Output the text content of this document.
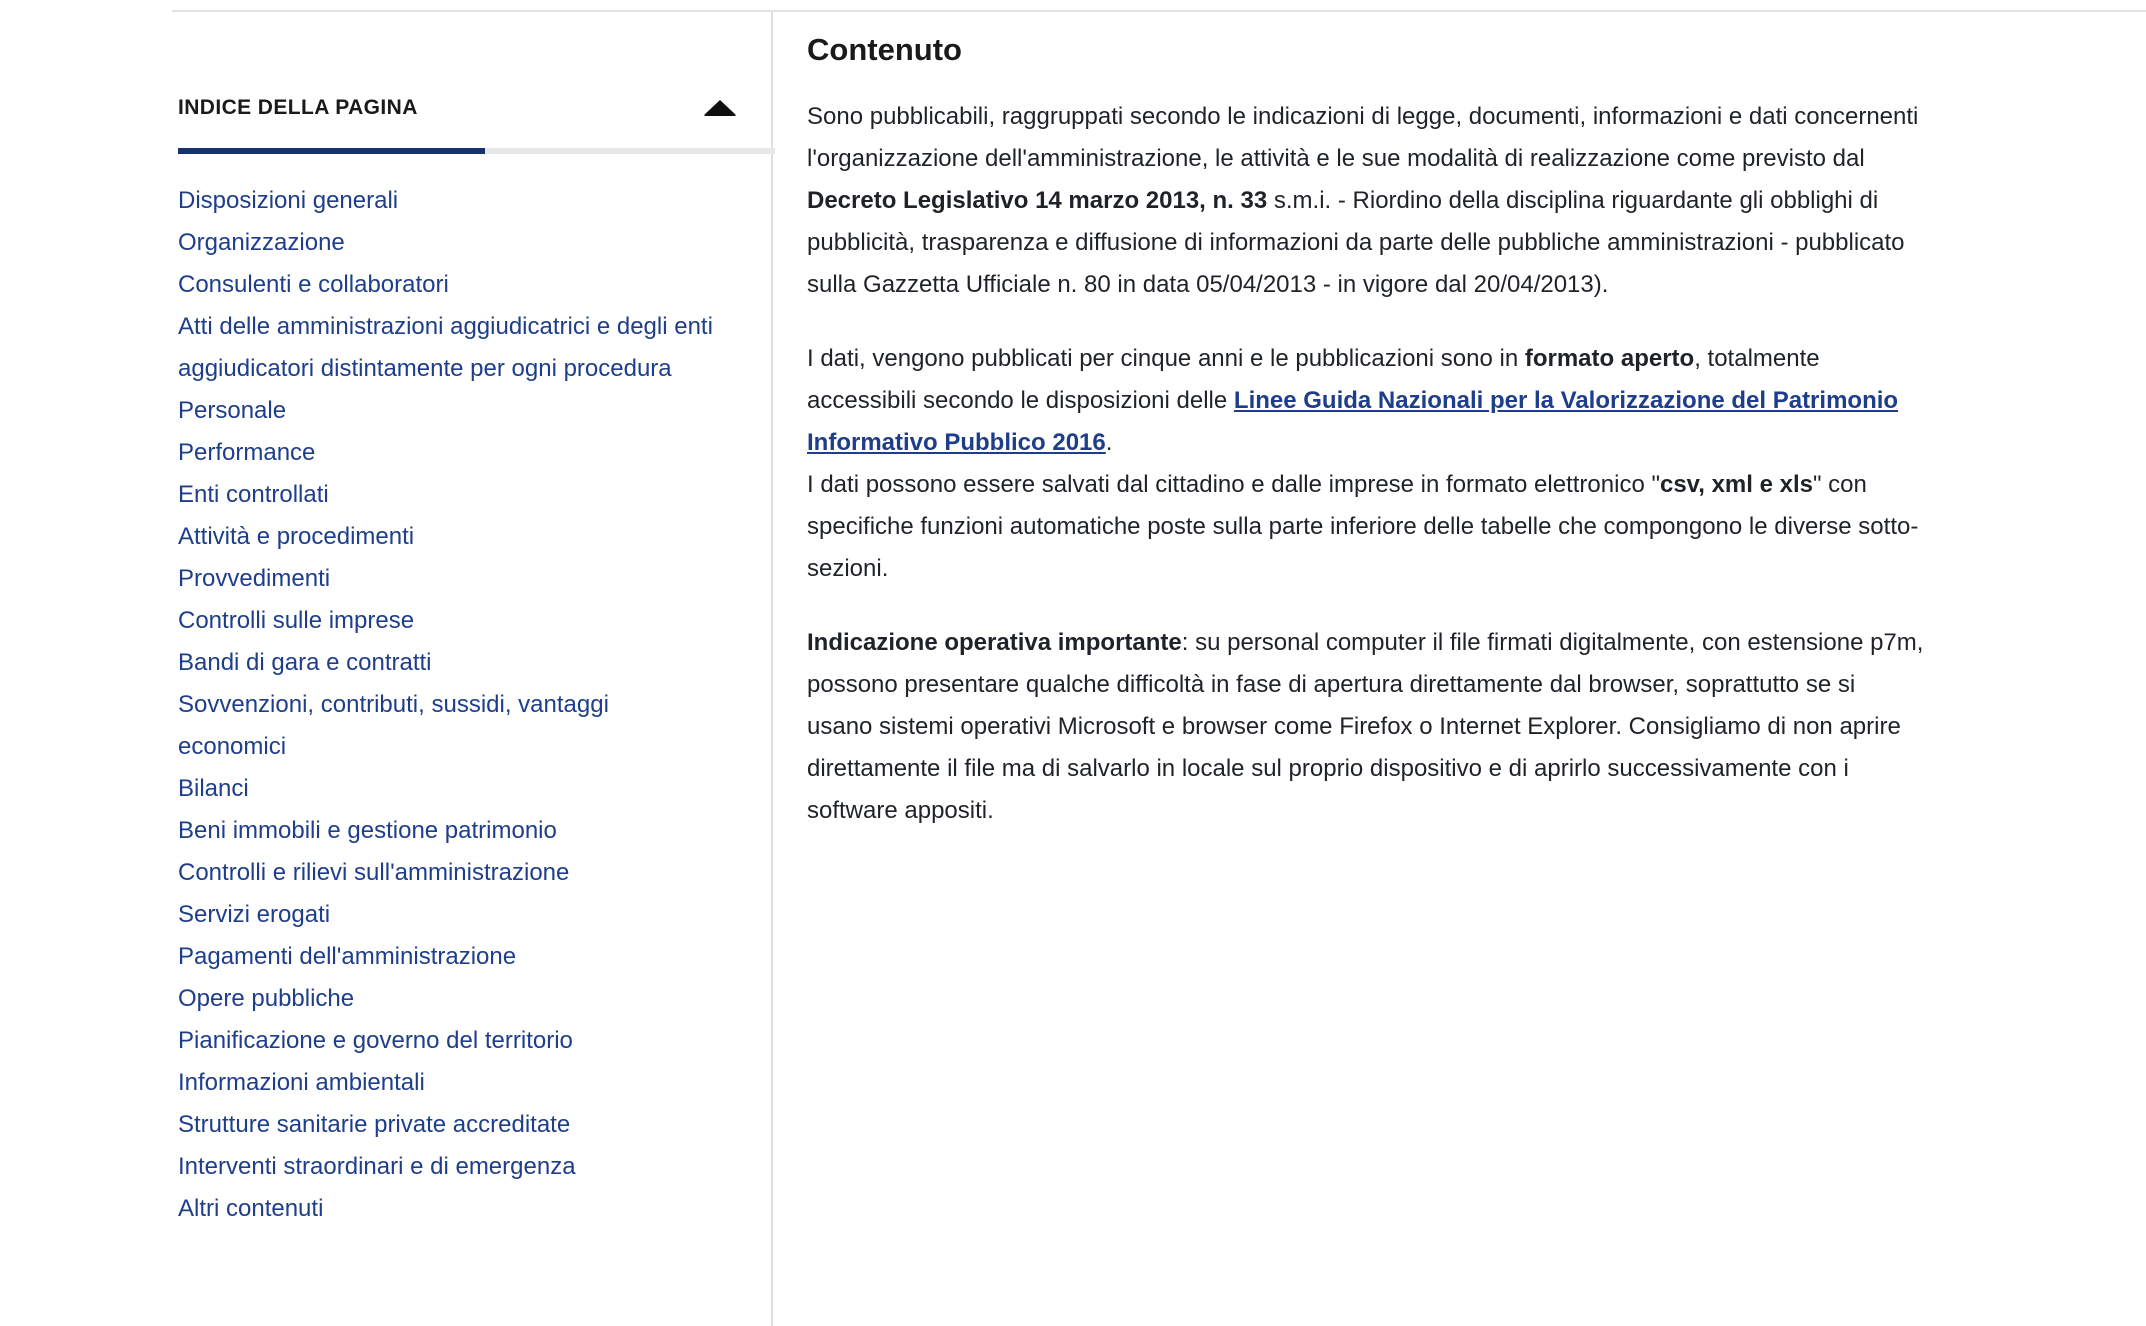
INDICE DELLA PAGINA
Disposizioni generali
Organizzazione
Consulenti e collaboratori
Atti delle amministrazioni aggiudicatrici e degli enti aggiudicatori distintamente per ogni procedura
Personale
Performance
Enti controllati
Attività e procedimenti
Provvedimenti
Controlli sulle imprese
Bandi di gara e contratti
Sovvenzioni, contributi, sussidi, vantaggi economici
Bilanci
Beni immobili e gestione patrimonio
Controlli e rilievi sull'amministrazione
Servizi erogati
Pagamenti dell'amministrazione
Opere pubbliche
Pianificazione e governo del territorio
Informazioni ambientali
Strutture sanitarie private accreditate
Interventi straordinari e di emergenza
Altri contenuti
Contenuto

Sono pubblicabili, raggruppati secondo le indicazioni di legge, documenti, informazioni e dati concernenti l'organizzazione dell'amministrazione, le attività e le sue modalità di realizzazione come previsto dal Decreto Legislativo 14 marzo 2013, n. 33 s.m.i. - Riordino della disciplina riguardante gli obblighi di pubblicità, trasparenza e diffusione di informazioni da parte delle pubbliche amministrazioni - pubblicato sulla Gazzetta Ufficiale n. 80 in data 05/04/2013 - in vigore dal 20/04/2013).

I dati, vengono pubblicati per cinque anni e le pubblicazioni sono in formato aperto, totalmente accessibili secondo le disposizioni delle Linee Guida Nazionali per la Valorizzazione del Patrimonio Informativo Pubblico 2016.
I dati possono essere salvati dal cittadino e dalle imprese in formato elettronico "csv, xml e xls" con specifiche funzioni automatiche poste sulla parte inferiore delle tabelle che compongono le diverse sotto-sezioni.

Indicazione operativa importante: su personal computer il file firmati digitalmente, con estensione p7m, possono presentare qualche difficoltà in fase di apertura direttamente dal browser, soprattutto se si usano sistemi operativi Microsoft e browser come Firefox o Internet Explorer. Consigliamo di non aprire direttamente il file ma di salvarlo in locale sul proprio dispositivo e di aprirlo successivamente con i software appositi.
